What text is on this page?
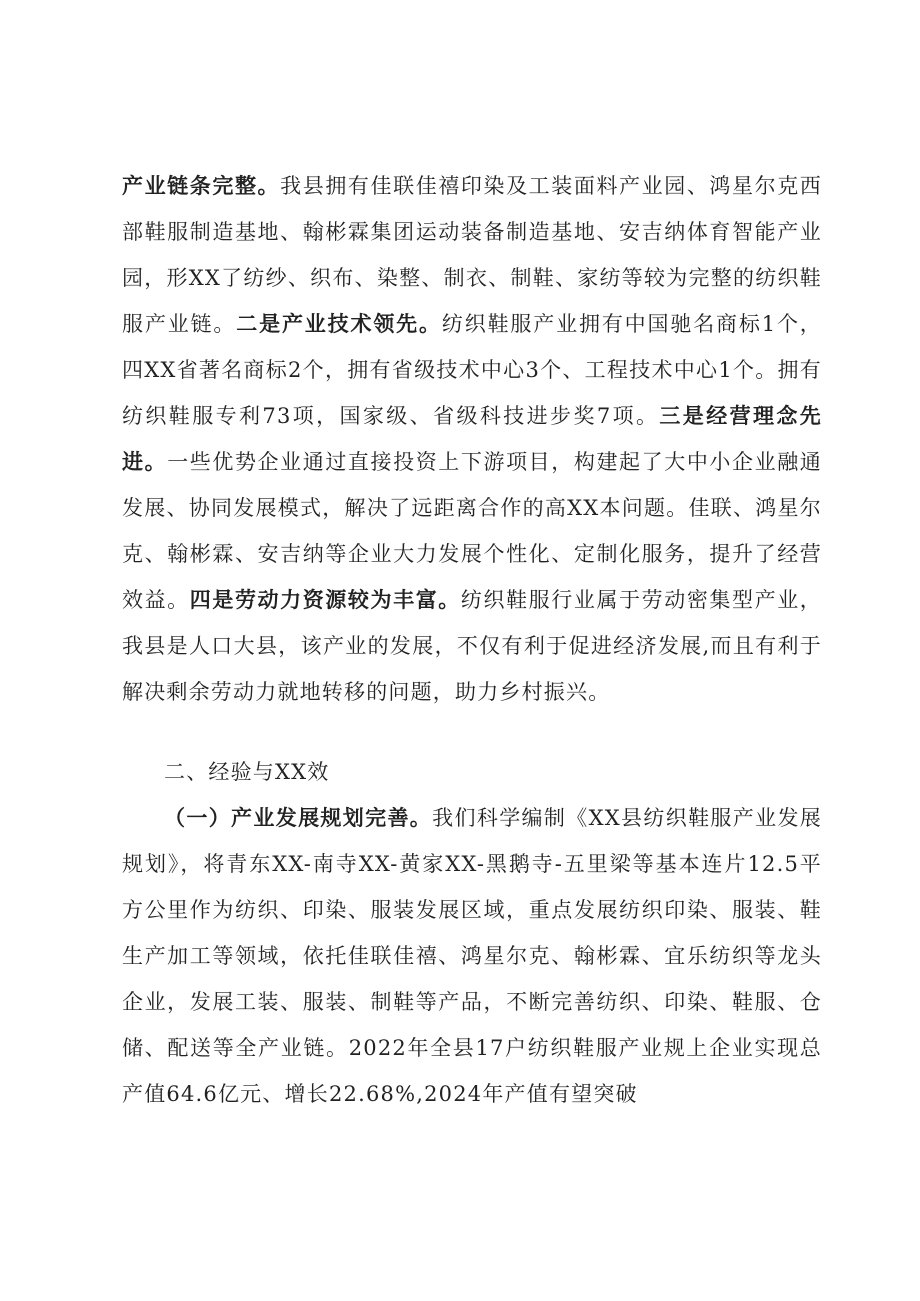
产业链条完整。我县拥有佳联佳禧印染及工装面料产业园、鸿星尔克西部鞋服制造基地、翰彬霖集团运动装备制造基地、安吉纳体育智能产业园，形XX了纺纱、织布、染整、制衣、制鞋、家纺等较为完整的纺织鞋服产业链。二是产业技术领先。纺织鞋服产业拥有中国驰名商标1个，四XX省著名商标2个，拥有省级技术中心3个、工程技术中心1个。拥有纺织鞋服专利73项，国家级、省级科技进步奖7项。三是经营理念先进。一些优势企业通过直接投资上下游项目，构建起了大中小企业融通发展、协同发展模式，解决了远距离合作的高XX本问题。佳联、鸿星尔克、翰彬霖、安吉纳等企业大力发展个性化、定制化服务，提升了经营效益。四是劳动力资源较为丰富。纺织鞋服行业属于劳动密集型产业，我县是人口大县，该产业的发展，不仅有利于促进经济发展,而且有利于解决剩余劳动力就地转移的问题，助力乡村振兴。
二、经验与XX效
（一）产业发展规划完善。我们科学编制《XX县纺织鞋服产业发展规划》，将青东XX-南寺XX-黄家XX-黑鹅寺-五里梁等基本连片12.5平方公里作为纺织、印染、服装发展区域，重点发展纺织印染、服装、鞋生产加工等领域，依托佳联佳禧、鸿星尔克、翰彬霖、宜乐纺织等龙头企业，发展工装、服装、制鞋等产品，不断完善纺织、印染、鞋服、仓储、配送等全产业链。2022年全县17户纺织鞋服产业规上企业实现总产值64.6亿元、增长22.68%,2024年产值有望突破
